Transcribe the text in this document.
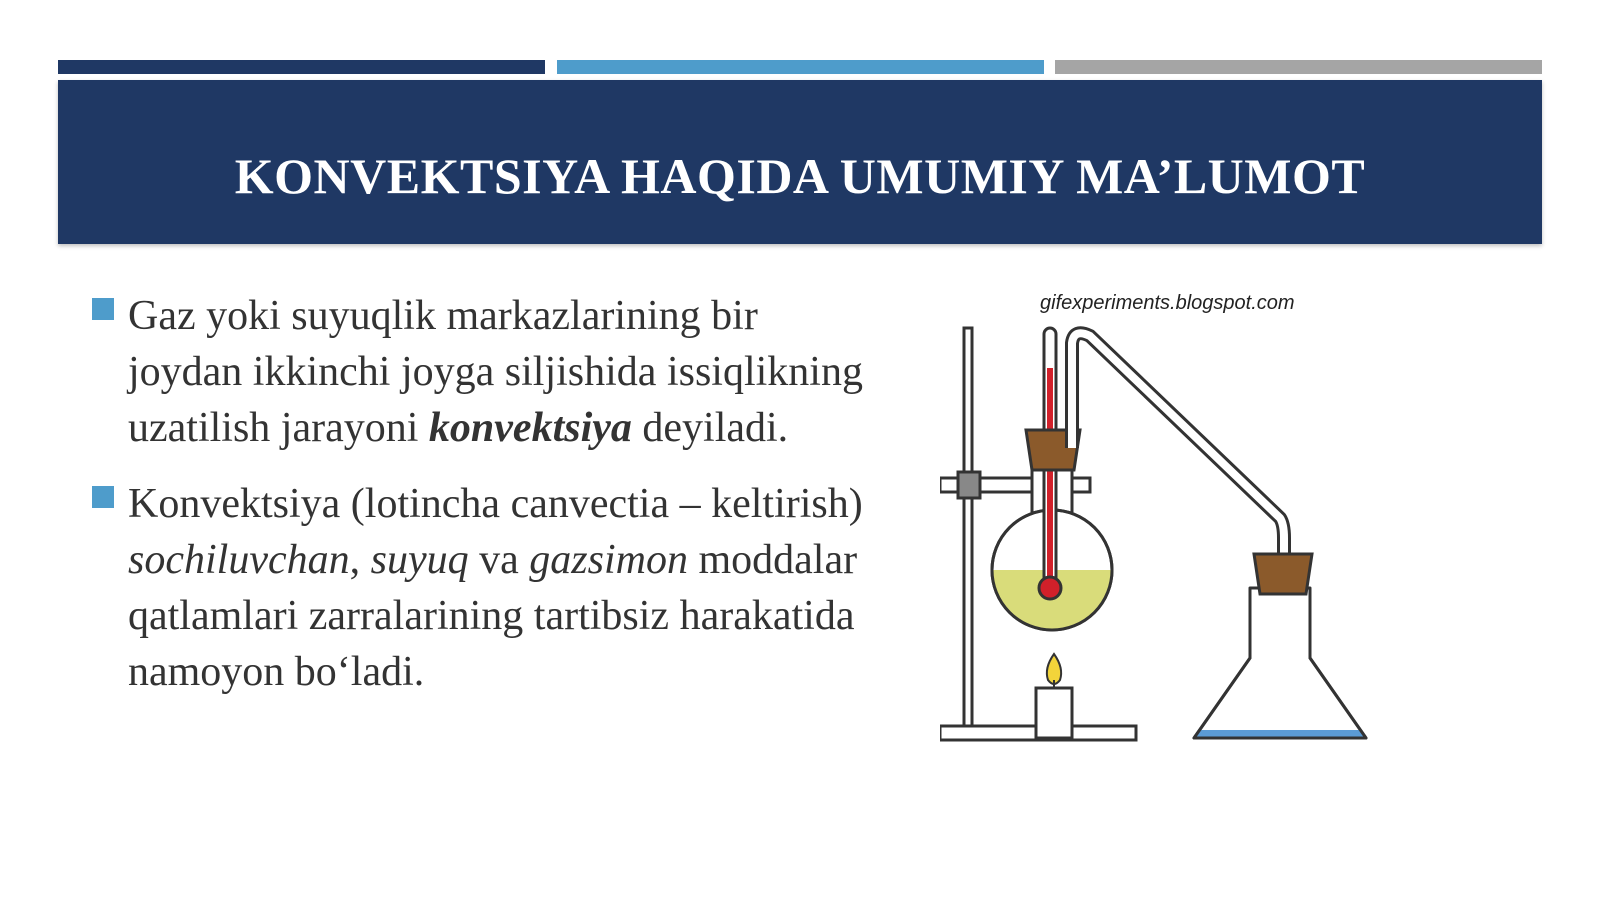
KONVEKTSIYA HAQIDA UMUMIY MA’LUMOT
Gaz yoki suyuqlik markazlarining bir joydan ikkinchi joyga siljishida issiqlikning uzatilish jarayoni konvektsiya deyiladi.
Konvektsiya (lotincha canvectia – keltirish) sochiluvchan, suyuq va gazsimon moddalar qatlamlari zarralarining tartibsiz harakatida namoyon bo‘ladi.
gifexperiments.blogspot.com
